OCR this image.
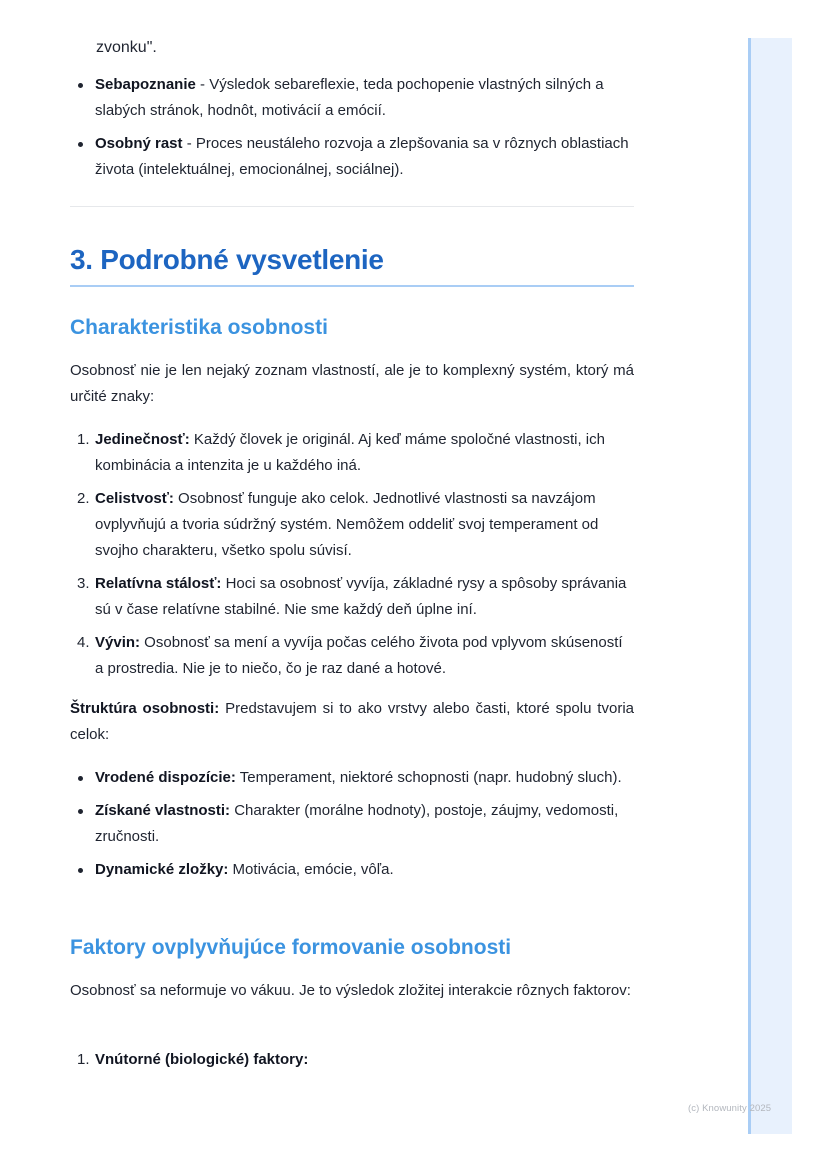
zvonku".
Sebapoznanie - Výsledok sebareflexie, teda pochopenie vlastných silných a slabých stránok, hodnôt, motivácií a emócií.
Osobný rast - Proces neustáleho rozvoja a zlepšovania sa v rôznych oblastiach života (intelektuálnej, emocionálnej, sociálnej).
3. Podrobné vysvetlenie
Charakteristika osobnosti

Osobnosť nie je len nejaký zoznam vlastností, ale je to komplexný systém, ktorý má určité znaky:

1. Jedinečnosť: Každý človek je originál. Aj keď máme spoločné vlastnosti, ich kombinácia a intenzita je u každého iná.
2. Celistvosť: Osobnosť funguje ako celok. Jednotlivé vlastnosti sa navzájom ovplyvňujú a tvoria súdržný systém. Nemôžem oddeliť svoj temperament od svojho charakteru, všetko spolu súvisí.
3. Relatívna stálosť: Hoci sa osobnosť vyvíja, základné rysy a spôsoby správania sú v čase relatívne stabilné. Nie sme každý deň úplne iní.
4. Vývin: Osobnosť sa mení a vyvíja počas celého života pod vplyvom skúseností a prostredia. Nie je to niečo, čo je raz dané a hotové.

Štruktúra osobnosti: Predstavujem si to ako vrstvy alebo časti, ktoré spolu tvoria celok:

Vrodené dispozície: Temperament, niektoré schopnosti (napr. hudobný sluch).
Získané vlastnosti: Charakter (morálne hodnoty), postoje, záujmy, vedomosti, zručnosti.
Dynamické zložky: Motivácia, emócie, vôľa.
Faktory ovplyvňujúce formovanie osobnosti

Osobnosť sa neformuje vo vákuu. Je to výsledok zložitej interakcie rôznych faktorov:

1. Vnútorné (biologické) faktory:
(c) Knowunity 2025
